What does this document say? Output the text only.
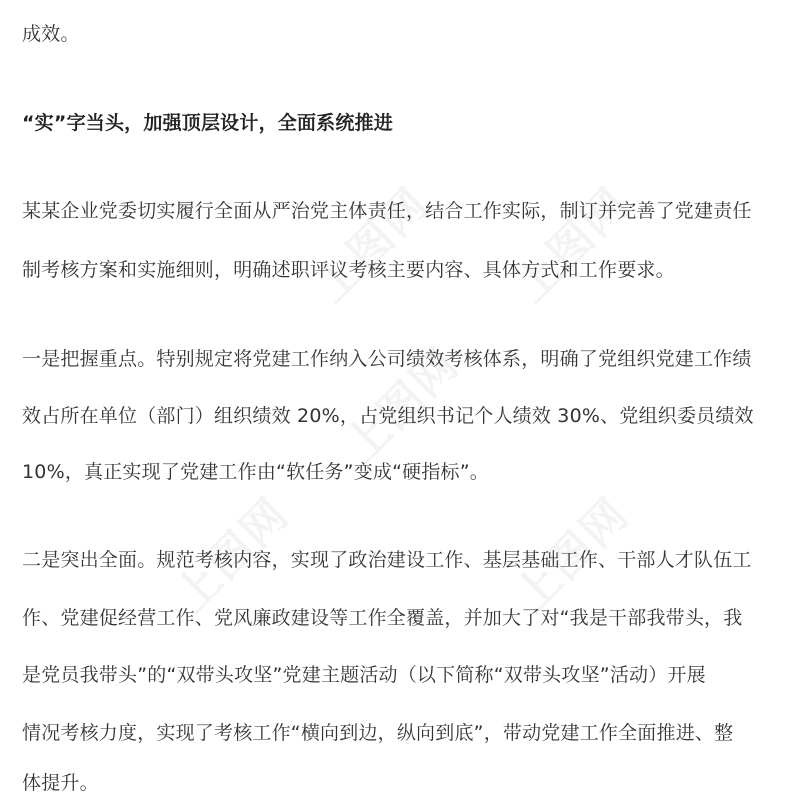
上图网 上图网
上图网
上图网	上图网
成效。
“实”字当头，加强顶层设计，全面系统推进
某某企业党委切实履行全面从严治党主体责任，结合工作实际，制订并完善了党建责任
制考核方案和实施细则，明确述职评议考核主要内容、具体方式和工作要求。
一是把握重点。特别规定将党建工作纳入公司绩效考核体系，明确了党组织党建工作绩
效占所在单位（部门）组织绩效 20%，占党组织书记个人绩效 30%、党组织委员绩效
10%，真正实现了党建工作由“软任务”变成“硬指标”。
二是突出全面。规范考核内容，实现了政治建设工作、基层基础工作、干部人才队伍工
作、党建促经营工作、党风廉政建设等工作全覆盖，并加大了对“我是干部我带头，我
是党员我带头”的“双带头攻坚”党建主题活动（以下简称“双带头攻坚”活动）开展
情况考核力度，实现了考核工作“横向到边，纵向到底”，带动党建工作全面推进、整
体提升。
